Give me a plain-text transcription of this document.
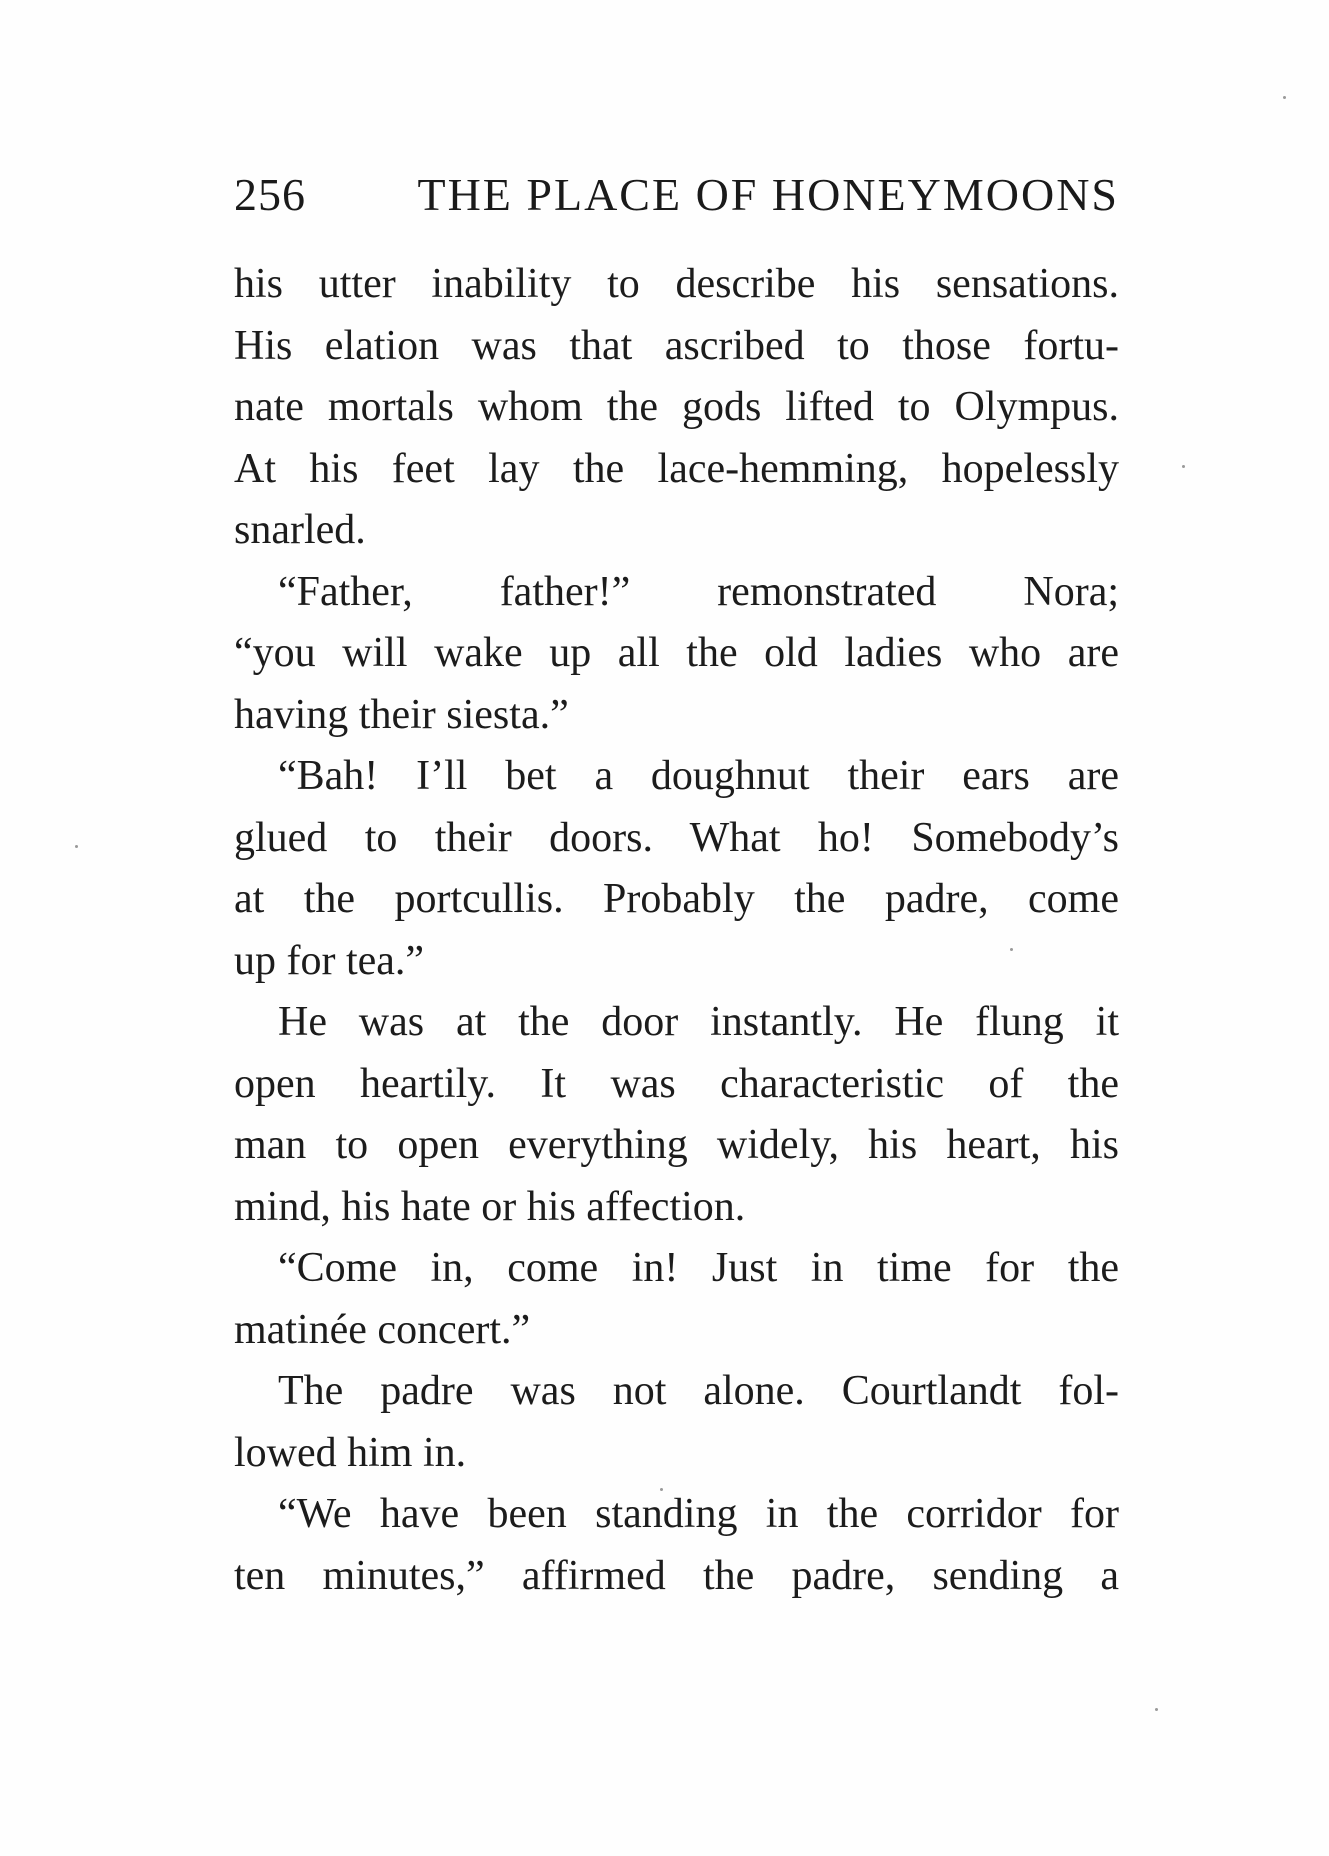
256 THE PLACE OF HONEYMOONS
his utter inability to describe his sensations.
His elation was that ascribed to those fortu-
nate mortals whom the gods lifted to Olympus.
At his feet lay the lace-hemming, hopelessly
snarled.
“Father, father!” remonstrated Nora;
“you will wake up all the old ladies who are
having their siesta.”
“Bah! I’ll bet a doughnut their ears are
glued to their doors. What ho! Somebody’s
at the portcullis. Probably the padre, come
up for tea.”
He was at the door instantly. He flung it
open heartily. It was characteristic of the
man to open everything widely, his heart, his
mind, his hate or his affection.
“Come in, come in! Just in time for the
matinée concert.”
The padre was not alone. Courtlandt fol-
lowed him in.
“We have been standing in the corridor for
ten minutes,” affirmed the padre, sending a
